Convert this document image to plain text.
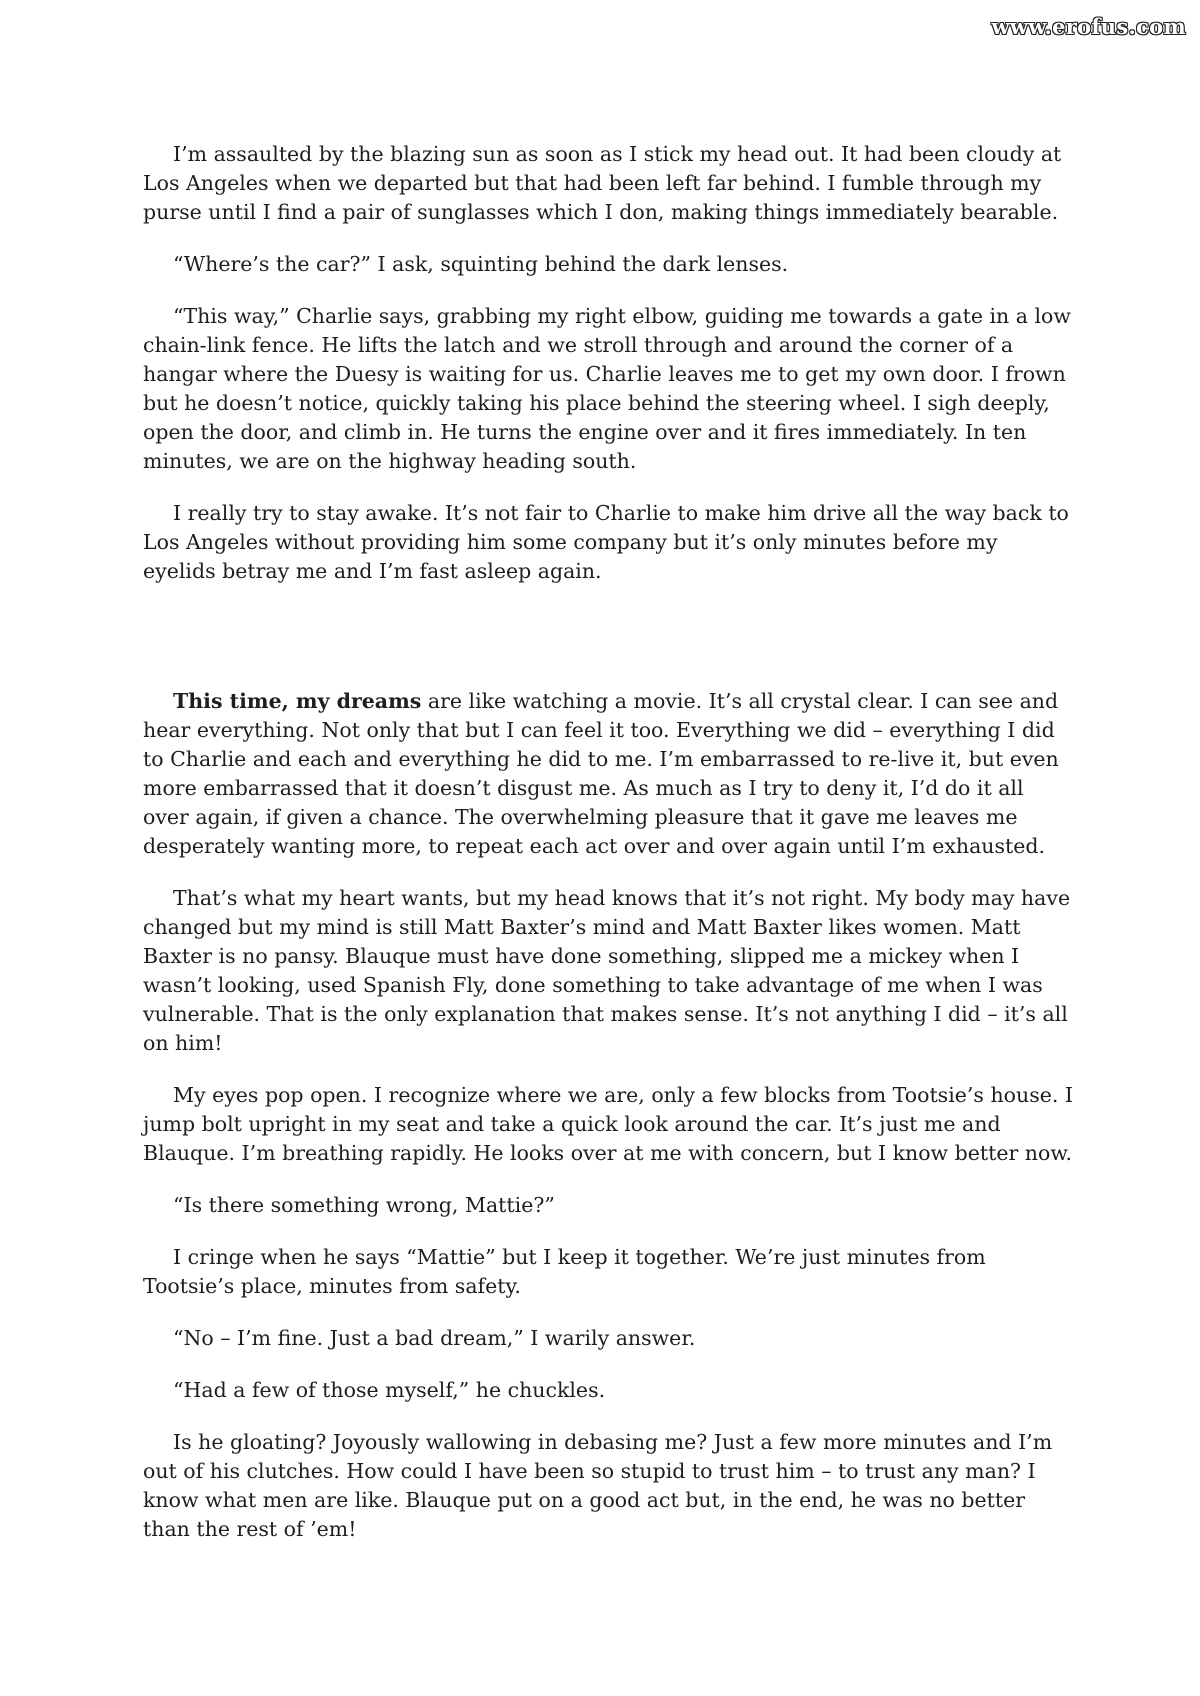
www.erofus.com

I’m assaulted by the blazing sun as soon as I stick my head out. It had been cloudy at Los Angeles when we departed but that had been left far behind. I fumble through my purse until I find a pair of sunglasses which I don, making things immediately bearable.

“Where’s the car?” I ask, squinting behind the dark lenses.

“This way,” Charlie says, grabbing my right elbow, guiding me towards a gate in a low chain-link fence. He lifts the latch and we stroll through and around the corner of a hangar where the Duesy is waiting for us. Charlie leaves me to get my own door. I frown but he doesn’t notice, quickly taking his place behind the steering wheel. I sigh deeply, open the door, and climb in. He turns the engine over and it fires immediately. In ten minutes, we are on the highway heading south.

I really try to stay awake. It’s not fair to Charlie to make him drive all the way back to Los Angeles without providing him some company but it’s only minutes before my eyelids betray me and I’m fast asleep again.

This time, my dreams are like watching a movie. It’s all crystal clear. I can see and hear everything. Not only that but I can feel it too. Everything we did – everything I did to Charlie and each and everything he did to me. I’m embarrassed to re-live it, but even more embarrassed that it doesn’t disgust me. As much as I try to deny it, I’d do it all over again, if given a chance. The overwhelming pleasure that it gave me leaves me desperately wanting more, to repeat each act over and over again until I’m exhausted.

That’s what my heart wants, but my head knows that it’s not right. My body may have changed but my mind is still Matt Baxter’s mind and Matt Baxter likes women. Matt Baxter is no pansy. Blauque must have done something, slipped me a mickey when I wasn’t looking, used Spanish Fly, done something to take advantage of me when I was vulnerable. That is the only explanation that makes sense. It’s not anything I did – it’s all on him!

My eyes pop open. I recognize where we are, only a few blocks from Tootsie’s house. I jump bolt upright in my seat and take a quick look around the car. It’s just me and Blauque. I’m breathing rapidly. He looks over at me with concern, but I know better now.

“Is there something wrong, Mattie?”

I cringe when he says “Mattie” but I keep it together. We’re just minutes from Tootsie’s place, minutes from safety.

“No – I’m fine. Just a bad dream,” I warily answer.

“Had a few of those myself,” he chuckles.

Is he gloating? Joyously wallowing in debasing me? Just a few more minutes and I’m out of his clutches. How could I have been so stupid to trust him – to trust any man? I know what men are like. Blauque put on a good act but, in the end, he was no better than the rest of ’em!
